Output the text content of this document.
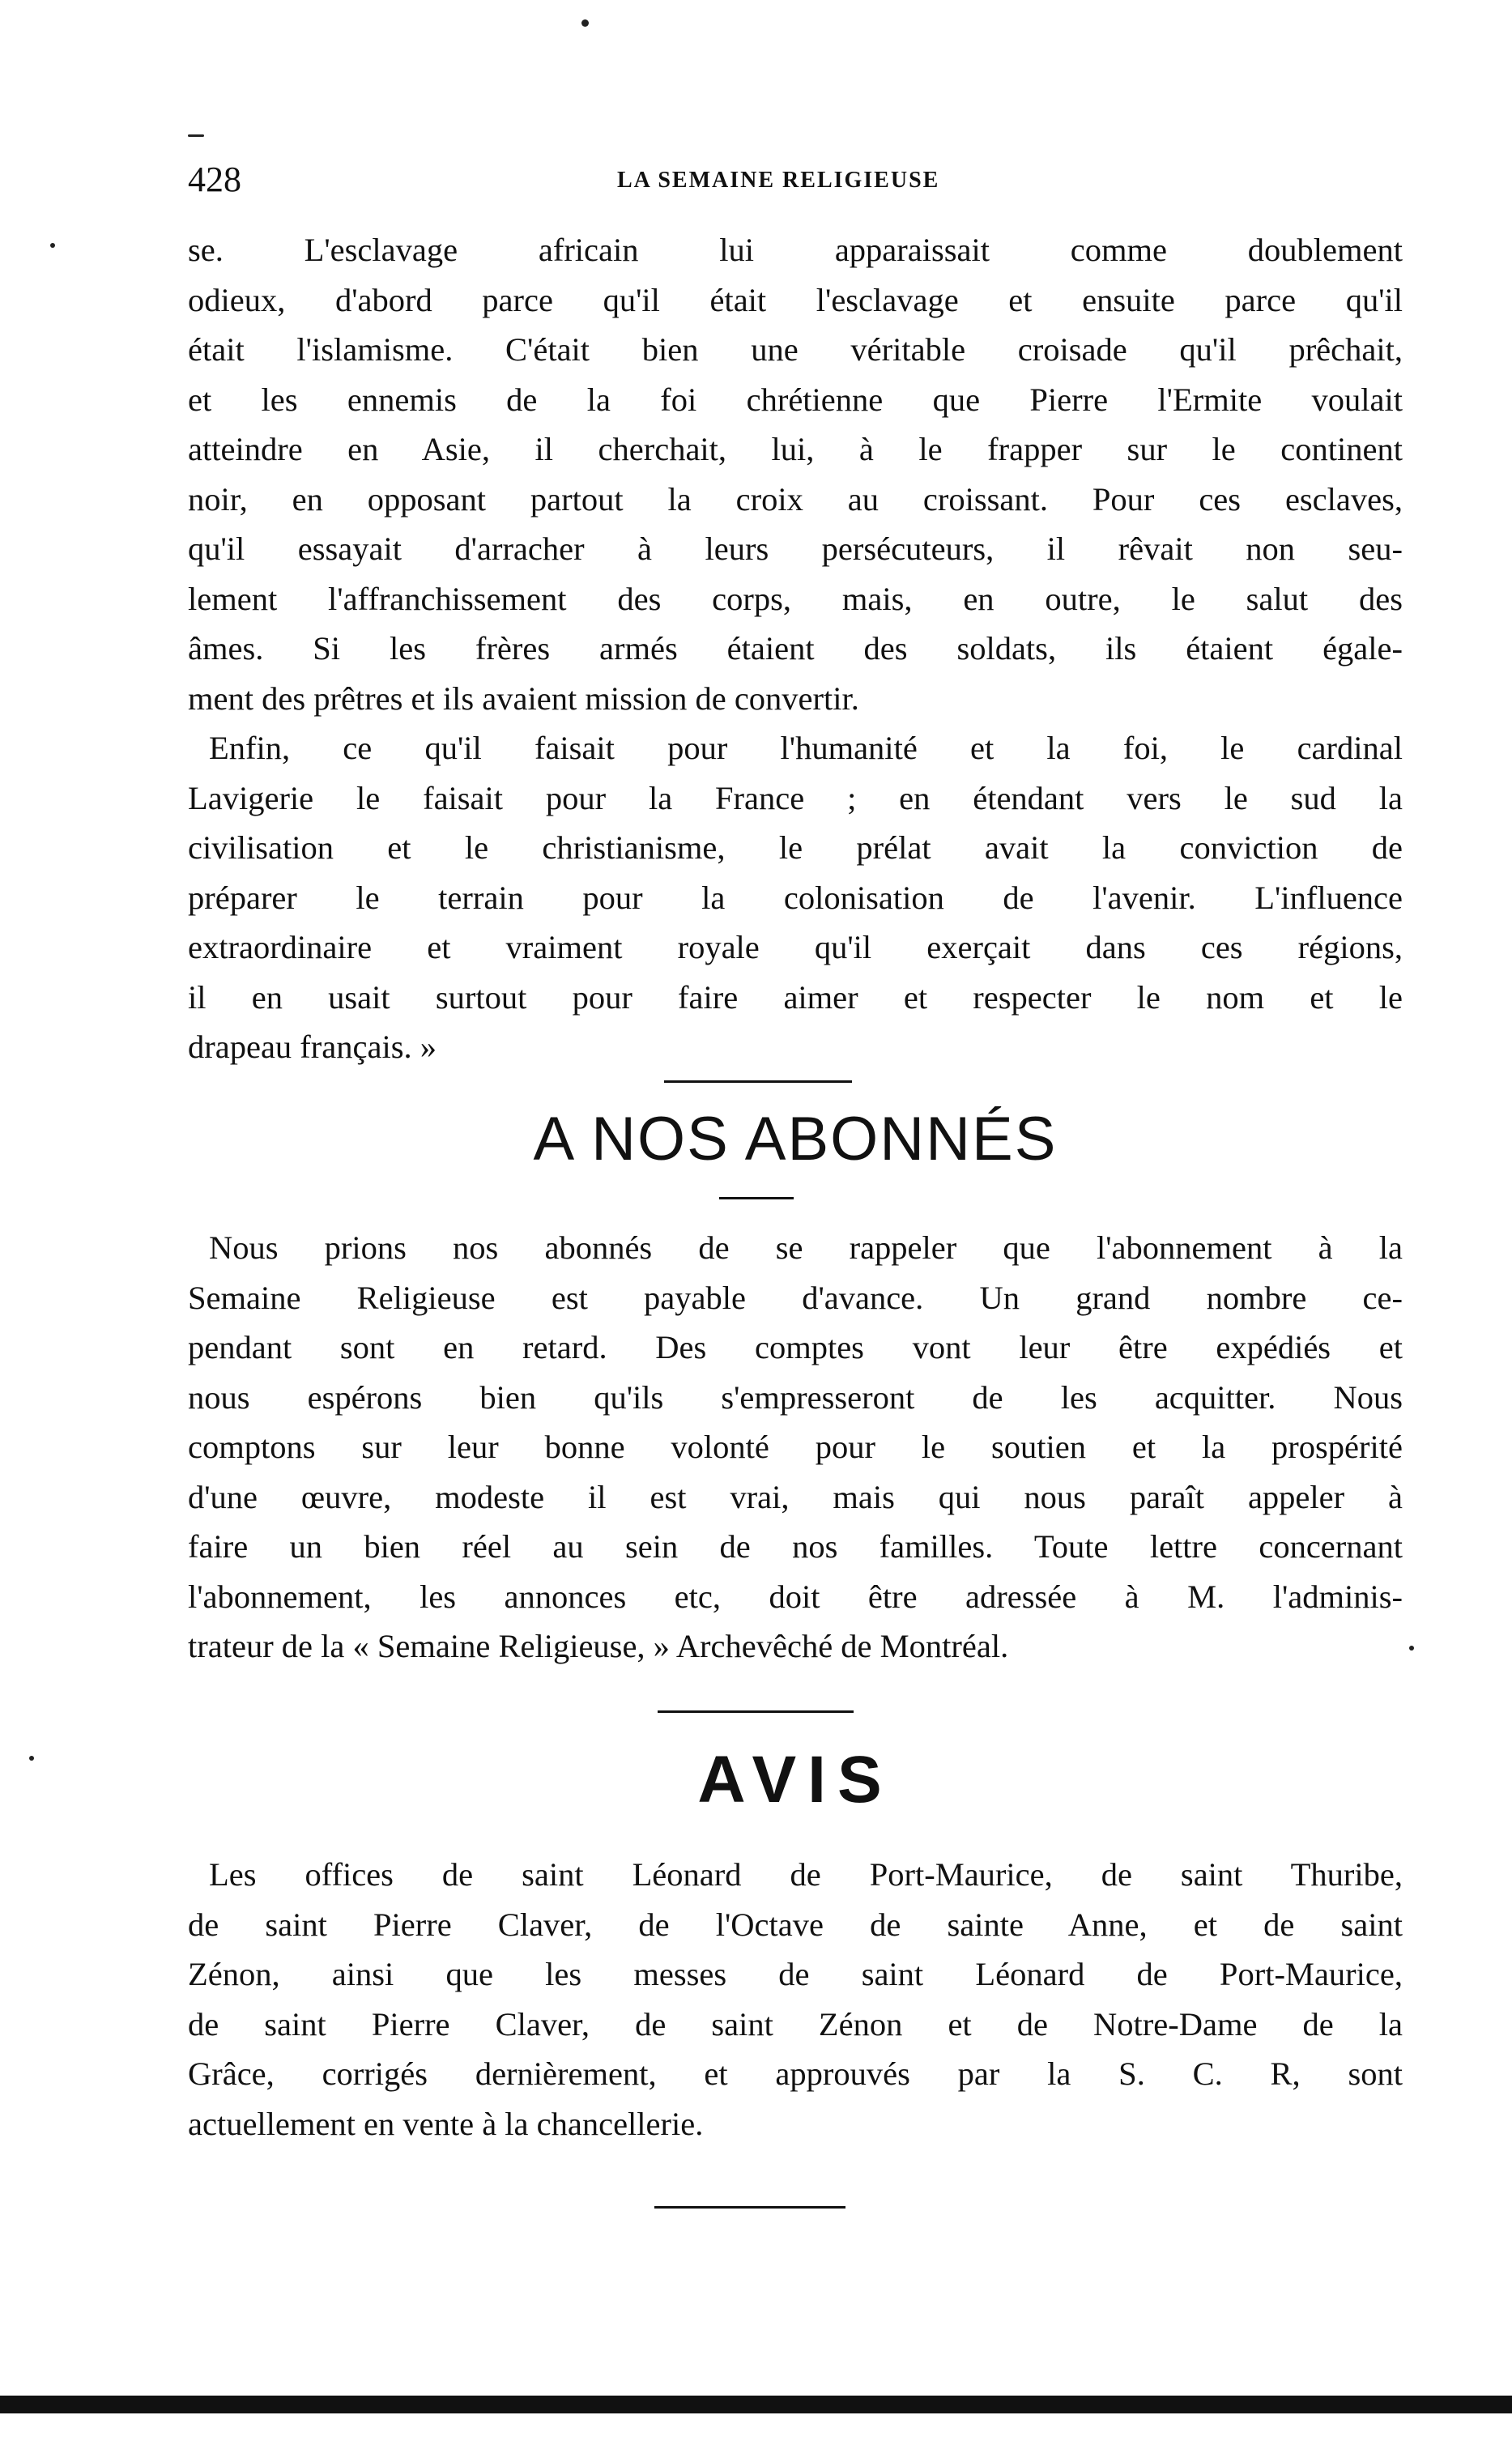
428	LA SEMAINE RELIGIEUSE

se. L'esclavage africain lui apparaissait comme doublement
odieux, d'abord parce qu'il était l'esclavage et ensuite parce qu'il
était l'islamisme. C'était bien une véritable croisade qu'il prêchait,
et les ennemis de la foi chrétienne que Pierre l'Ermite voulait
atteindre en Asie, il cherchait, lui, à le frapper sur le continent
noir, en opposant partout la croix au croissant. Pour ces esclaves,
qu'il essayait d'arracher à leurs persécuteurs, il rêvait non seu-
lement l'affranchissement des corps, mais, en outre, le salut des
âmes. Si les frères armés étaient des soldats, ils étaient égale-
ment des prêtres et ils avaient mission de convertir.

Enfin, ce qu'il faisait pour l'humanité et la foi, le cardinal
Lavigerie le faisait pour la France ; en étendant vers le sud la
civilisation et le christianisme, le prélat avait la conviction de
préparer le terrain pour la colonisation de l'avenir. L'influence
extraordinaire et vraiment royale qu'il exerçait dans ces régions,
il en usait surtout pour faire aimer et respecter le nom et le
drapeau français. »

A NOS ABONNÉS

Nous prions nos abonnés de se rappeler que l'abonnement à la
Semaine Religieuse est payable d'avance. Un grand nombre ce-
pendant sont en retard. Des comptes vont leur être expédiés et
nous espérons bien qu'ils s'empresseront de les acquitter. Nous
comptons sur leur bonne volonté pour le soutien et la prospérité
d'une œuvre, modeste il est vrai, mais qui nous paraît appeler à
faire un bien réel au sein de nos familles. Toute lettre concernant
l'abonnement, les annonces etc, doit être adressée à M. l'adminis-
trateur de la « Semaine Religieuse, » Archevêché de Montréal.

AVIS

Les offices de saint Léonard de Port-Maurice, de saint Thuribe,
de saint Pierre Claver, de l'Octave de sainte Anne, et de saint
Zénon, ainsi que les messes de saint Léonard de Port-Maurice,
de saint Pierre Claver, de saint Zénon et de Notre-Dame de la
Grâce, corrigés dernièrement, et approuvés par la S. C. R, sont
actuellement en vente à la chancellerie.
